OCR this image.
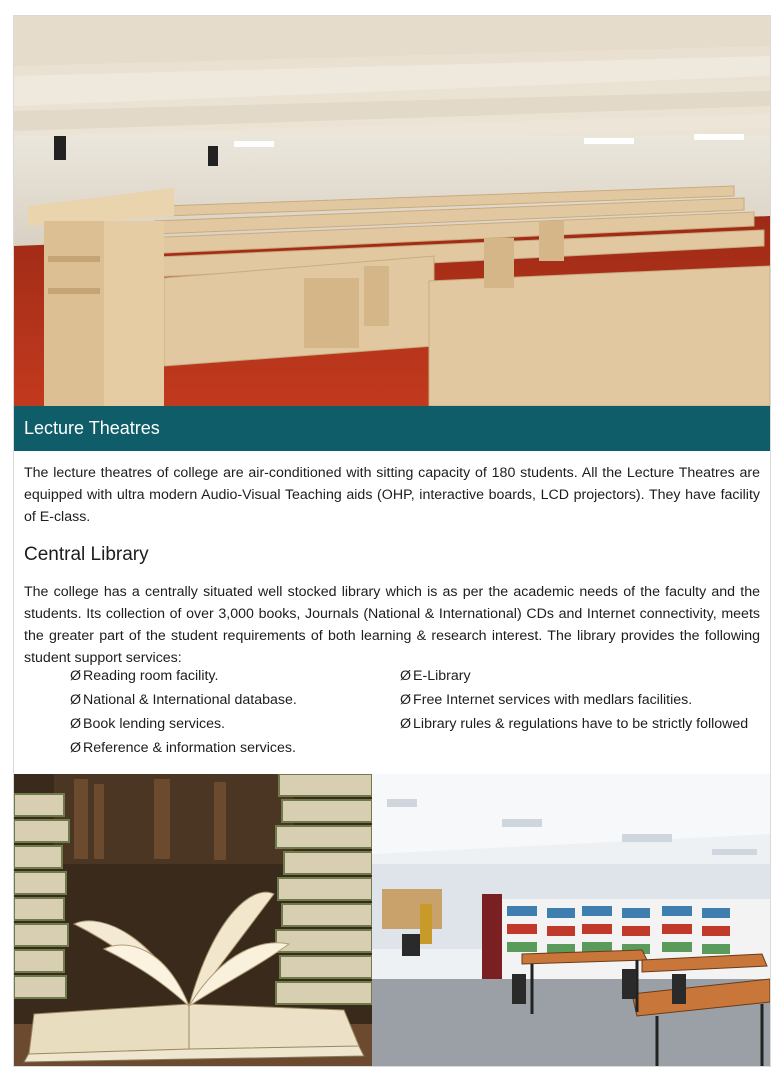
Lecture Theatres

The lecture theatres of college are air-conditioned with sitting capacity of 180 students. All the Lecture Theatres are equipped with ultra modern Audio-Visual Teaching aids (OHP, interactive boards, LCD projectors). They have facility of E-class.

Central Library

The college has a centrally situated well stocked library which is as per the academic needs of the faculty and the students. Its collection of over 3,000 books, Journals (National & International) CDs and Internet connectivity, meets the greater part of the student requirements of both learning & research interest. The library provides the following student support services:

Ø Reading room facility.
Ø National & International database.
Ø Book lending services.
Ø Reference & information services.
Ø E-Library
Ø Free Internet services with medlars facilities.
Ø Library rules & regulations have to be strictly followed
